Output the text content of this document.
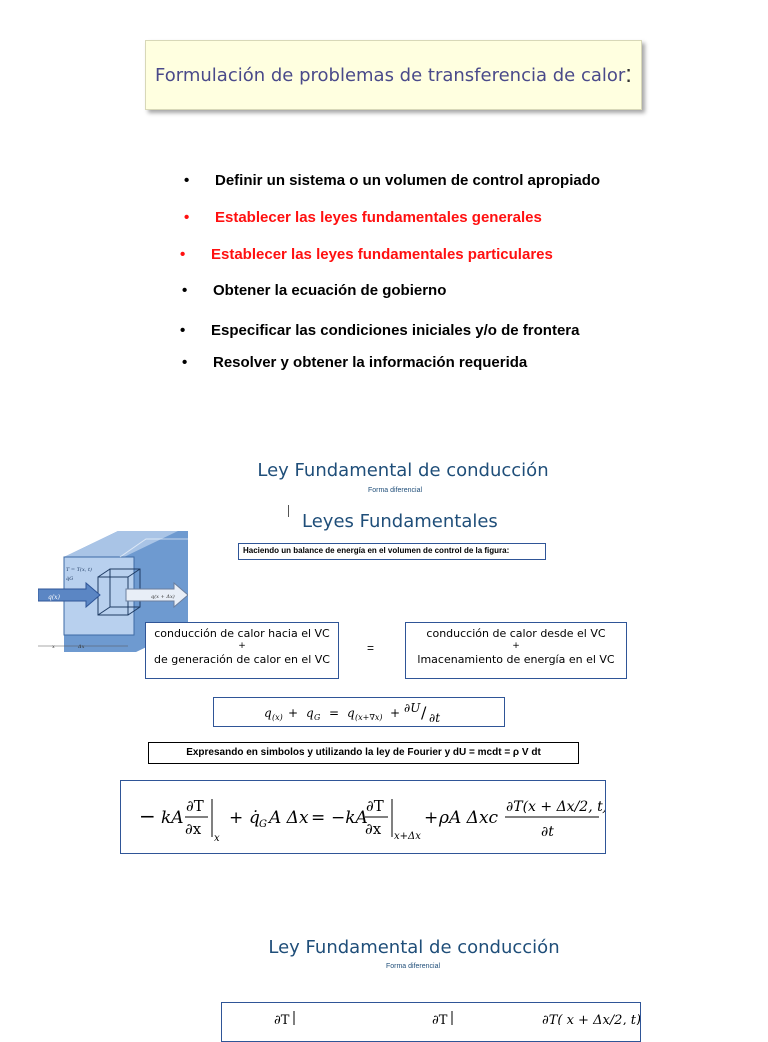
Formulación de problemas de transferencia de calor :
• Definir un sistema o un volumen de control apropiado
• Establecer las leyes fundamentales generales
• Establecer las leyes fundamentales particulares
• Obtener la ecuación de gobierno
• Especificar las condiciones iniciales y/o de frontera
• Resolver y obtener la información requerida
Ley Fundamental de conducción
Forma diferencial
Leyes Fundamentales
Haciendo un balance de energía en el volumen de control de la figura:
q(x)	q(x + Δx)
T = T(x, t)
q̇G
x	Δx
conducción de calor hacia el VC
+
de generación de calor en el VC
=
conducción de calor desde el VC
+
lmacenamiento de energía en el VC
q (x) + q G = q (x+∇x) + ∂U / ∂t
Expresando en simbolos y utilizando la ley de Fourier y dU = mcdt = ρ V dt
− kA
∂T
∂x
x
+ q̇ G A Δx = −kA
∂T
∂x x+Δx
+ ρA Δxc
∂T(x + Δx/2, t)
∂t
Ley Fundamental de conducción
Forma diferencial
∂T	∂T	∂T( x + Δx/2, t)
